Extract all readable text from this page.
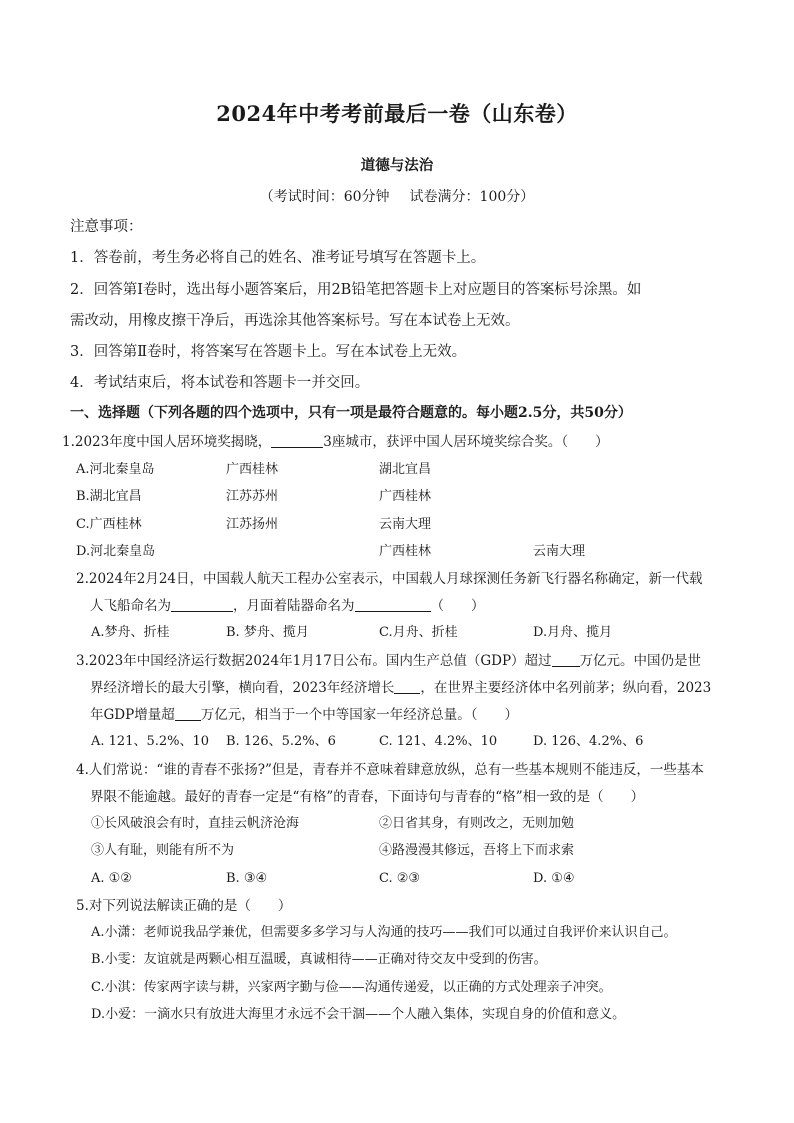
2024年中考考前最后一卷（山东卷）
道德与法治
（考试时间：60分钟 试卷满分：100分）
注意事项：
1．答卷前，考生务必将自己的姓名、准考证号填写在答题卡上。
2．回答第Ⅰ卷时，选出每小题答案后，用2B铅笔把答题卡上对应题目的答案标号涂黑。如
需改动，用橡皮擦干净后，再选涂其他答案标号。写在本试卷上无效。
3．回答第Ⅱ卷时，将答案写在答题卡上。写在本试卷上无效。
4．考试结束后，将本试卷和答题卡一并交回。
一、选择题（下列各题的四个选项中，只有一项是最符合题意的。每小题2.5分，共50分）
1.2023年度中国人居环境奖揭晓，	3座城市，获评中国人居环境奖综合奖。（　　）
A.河北秦皇岛	广西桂林	湖北宜昌
B.湖北宜昌	江苏苏州	广西桂林
C.广西桂林	江苏扬州	云南大理
D.河北秦皇岛	广西桂林	云南大理
2.2024年2月24日，中国载人航天工程办公室表示，中国载人月球探测任务新飞行器名称确定，新一代载
人飞船命名为	，月面着陆器命名为	（　　）
A.梦舟、折桂	B. 梦舟、揽月	C.月舟、折桂	D.月舟、揽月
3.2023年中国经济运行数据2024年1月17日公布。国内生产总值（GDP）超过 万亿元。中国仍是世
界经济增长的最大引擎，横向看，2023年经济增长 ，在世界主要经济体中名列前茅；纵向看，2023
年GDP增量超 万亿元，相当于一个中等国家一年经济总量。（　　）
A. 121、5.2%、10 B. 126、5.2%、6	C. 121、4.2%、10	D. 126、4.2%、6
4.人们常说：“谁的青春不张扬?”但是，青春并不意味着肆意放纵，总有一些基本规则不能违反，一些基本
界限不能逾越。最好的青春一定是“有格”的青春，下面诗句与青春的“格”相一致的是（　　）
①长风破浪会有时，直挂云帆济沧海	②日省其身，有则改之，无则加勉
③人有耻，则能有所不为	④路漫漫其修远，吾将上下而求索
A. ①②	B. ③④	C. ②③	D. ①④
5.对下列说法解读正确的是（　　）
A.小潇：老师说我品学兼优，但需要多多学习与人沟通的技巧——我们可以通过自我评价来认识自己。
B.小雯：友谊就是两颗心相互温暖，真诚相待——正确对待交友中受到的伤害。
C.小淇：传家两字读与耕，兴家两字勤与俭——沟通传递爱，以正确的方式处理亲子冲突。
D.小爱：一滴水只有放进大海里才永远不会干涸——个人融入集体，实现自身的价值和意义。
